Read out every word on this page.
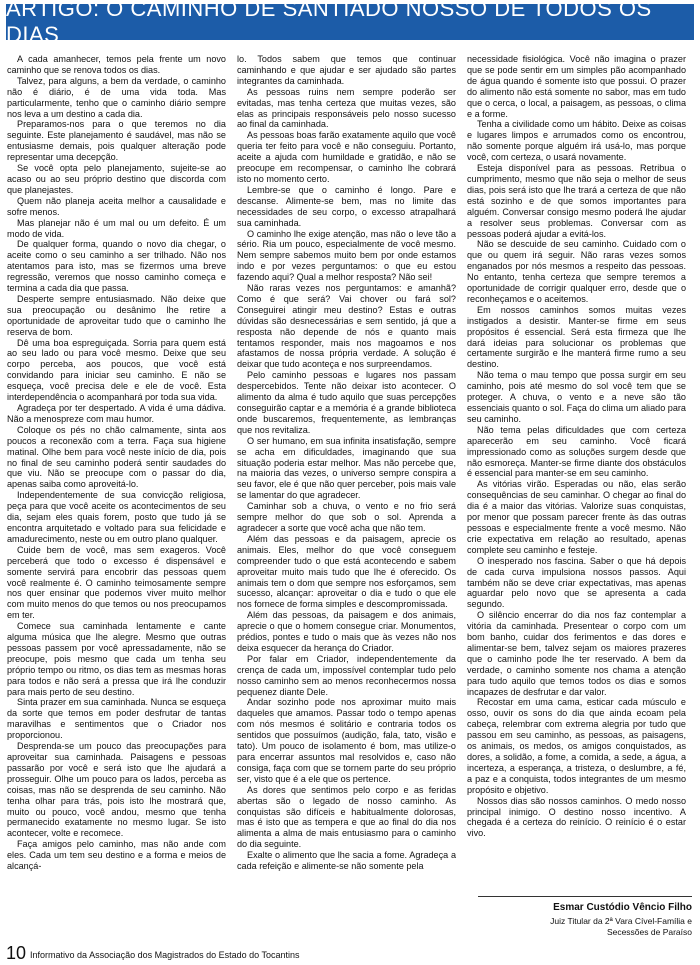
ARTIGO: O CAMINHO DE SANTIADO NOSSO DE TODOS OS DIAS

A cada amanhecer, temos pela frente um novo caminho que se renova todos os dias.

Talvez, para alguns, a bem da verdade, o caminho não é diário, é de uma vida toda. Mas particularmente, tenho que o caminho diário sempre nos leva a um destino a cada dia.

Preparamos-nos para o que teremos no dia seguinte. Este planejamento é saudável, mas não se entusiasme demais, pois qualquer alteração pode representar uma decepção.

Se você opta pelo planejamento, sujeite-se ao acaso ou ao seu próprio destino que discorda com que planejastes.

Quem não planeja aceita melhor a causalidade e sofre menos.

Mas planejar não é um mal ou um defeito. É um modo de vida.

De qualquer forma, quando o novo dia chegar, o aceite como o seu caminho a ser trilhado. Não nos atentamos para isto, mas se fizermos uma breve regressão, veremos que nosso caminho começa e termina a cada dia que passa.

Desperte sempre entusiasmado. Não deixe que sua preocupação ou desânimo lhe retire a oportunidade de aproveitar tudo que o caminho lhe reserva de bom.

Dê uma boa espreguiçada. Sorria para quem está ao seu lado ou para você mesmo. Deixe que seu corpo perceba, aos poucos, que você está convidando para iniciar seu caminho. E não se esqueça, você precisa dele e ele de você. Esta interdependência o acompanhará por toda sua vida.

Agradeça por ter despertado. A vida é uma dádiva. Não a menospreze com mau humor.

Coloque os pés no chão calmamente, sinta aos poucos a reconexão com a terra. Faça sua higiene matinal. Olhe bem para você neste início de dia, pois no final de seu caminho poderá sentir saudades do que viu. Não se preocupe com o passar do dia, apenas saiba como aproveitá-lo.

Independentemente de sua convicção religiosa, peça para que você aceite os acontecimentos de seu dia, sejam eles quais forem, posto que tudo já se encontra arquitetado e voltado para sua felicidade e amadurecimento, neste ou em outro plano qualquer.

Cuide bem de você, mas sem exageros. Você perceberá que todo o excesso é dispensável e somente servirá para encobrir das pessoas quem você realmente é. O caminho teimosamente sempre nos quer ensinar que podemos viver muito melhor com muito menos do que temos ou nos preocupamos em ter.

Comece sua caminhada lentamente e cante alguma música que lhe alegre. Mesmo que outras pessoas passem por você apressadamente, não se preocupe, pois mesmo que cada um tenha seu próprio tempo ou ritmo, os dias tem as mesmas horas para todos e não será a pressa que irá lhe conduzir para mais perto de seu destino.

Sinta prazer em sua caminhada. Nunca se esqueça da sorte que temos em poder desfrutar de tantas maravilhas e sentimentos que o Criador nos proporcionou.

Desprenda-se um pouco das preocupações para aproveitar sua caminhada. Paisagens e pessoas passarão por você e será isto que lhe ajudará a prosseguir. Olhe um pouco para os lados, perceba as coisas, mas não se desprenda de seu caminho. Não tenha olhar para trás, pois isto lhe mostrará que, muito ou pouco, você andou, mesmo que tenha permanecido exatamente no mesmo lugar. Se isto acontecer, volte e recomece.

Faça amigos pelo caminho, mas não ande com eles. Cada um tem seu destino e a forma e meios de alcançá-

lo. Todos sabem que temos que continuar caminhando e que ajudar e ser ajudado são partes integrantes da caminhada.

As pessoas ruins nem sempre poderão ser evitadas, mas tenha certeza que muitas vezes, são elas as principais responsáveis pelo nosso sucesso ao final da caminhada.

As pessoas boas farão exatamente aquilo que você queria ter feito para você e não conseguiu. Portanto, aceite a ajuda com humildade e gratidão, e não se preocupe em recompensar, o caminho lhe cobrará isto no momento certo.

Lembre-se que o caminho é longo. Pare e descanse. Alimente-se bem, mas no limite das necessidades de seu corpo, o excesso atrapalhará sua caminhada.

O caminho lhe exige atenção, mas não o leve tão a sério. Ria um pouco, especialmente de você mesmo. Nem sempre sabemos muito bem por onde estamos indo e por vezes perguntamos: o que eu estou fazendo aqui? Qual a melhor resposta? Não sei!

Não raras vezes nos perguntamos: e amanhã? Como é que será? Vai chover ou fará sol? Conseguirei atingir meu destino? Estas e outras dúvidas são desnecessárias e sem sentido, já que a resposta não depende de nós e quanto mais tentamos responder, mais nos magoamos e nos afastamos de nossa própria verdade. A solução é deixar que tudo aconteça e nos surpreendamos.

Pelo caminho pessoas e lugares nos passam despercebidos. Tente não deixar isto acontecer. O alimento da alma é tudo aquilo que suas percepções conseguirão captar e a memória é a grande biblioteca onde buscaremos, frequentemente, as lembranças que nos revitaliza.

O ser humano, em sua infinita insatisfação, sempre se acha em dificuldades, imaginando que sua situação poderia estar melhor. Mas não percebe que, na maioria das vezes, o universo sempre conspira a seu favor, ele é que não quer perceber, pois mais vale se lamentar do que agradecer.

Caminhar sob a chuva, o vento e no frio será sempre melhor do que sob o sol. Aprenda a agradecer a sorte que você acha que não tem.

Além das pessoas e da paisagem, aprecie os animais. Eles, melhor do que você conseguem compreender tudo o que está acontecendo e sabem aproveitar muito mais tudo que lhe é oferecido. Os animais tem o dom que sempre nos esforçamos, sem sucesso, alcançar: aproveitar o dia e tudo o que ele nos fornece de forma simples e descompromissada.

Além das pessoas, da paisagem e dos animais, aprecie o que o homem consegue criar. Monumentos, prédios, pontes e tudo o mais que às vezes não nos deixa esquecer da herança do Criador.

Por falar em Criador, independentemente da crença de cada um, impossível contemplar tudo pelo nosso caminho sem ao menos reconhecermos nossa pequenez diante Dele.

Andar sozinho pode nos aproximar muito mais daqueles que amamos. Passar todo o tempo apenas com nós mesmos é solitário e contraria todos os sentidos que possuímos (audição, fala, tato, visão e tato). Um pouco de isolamento é bom, mas utilize-o para encerrar assuntos mal resolvidos e, caso não consiga, faça com que se tornem parte do seu próprio ser, visto que é a ele que os pertence.

As dores que sentimos pelo corpo e as feridas abertas são o legado de nosso caminho. As conquistas são difíceis e habitualmente dolorosas, mas é isto que as tempera e que ao final do dia nos alimenta a alma de mais entusiasmo para o caminho do dia seguinte.

Exalte o alimento que lhe sacia a fome. Agradeça a cada refeição e alimente-se não somente pela

necessidade fisiológica. Você não imagina o prazer que se pode sentir em um simples pão acompanhado de água quando é somente isto que possui. O prazer do alimento não está somente no sabor, mas em tudo que o cerca, o local, a paisagem, as pessoas, o clima e a forme.

Tenha a civilidade como um hábito. Deixe as coisas e lugares limpos e arrumados como os encontrou, não somente porque alguém irá usá-lo, mas porque você, com certeza, o usará novamente.

Esteja disponível para as pessoas. Retribua o cumprimento, mesmo que não seja o melhor de seus dias, pois será isto que lhe trará a certeza de que não está sozinho e de que somos importantes para alguém. Conversar consigo mesmo poderá lhe ajudar a resolver seus problemas. Conversar com as pessoas poderá ajudar a evitá-los.

Não se descuide de seu caminho. Cuidado com o que ou quem irá seguir. Não raras vezes somos enganados por nós mesmos a respeito das pessoas. No entanto, tenha certeza que sempre teremos a oportunidade de corrigir qualquer erro, desde que o reconheçamos e o aceitemos.

Em nossos caminhos somos muitas vezes instigados a desistir. Manter-se firme em seus propósitos é essencial. Será esta firmeza que lhe dará ideias para solucionar os problemas que certamente surgirão e lhe manterá firme rumo a seu destino.

Não tema o mau tempo que possa surgir em seu caminho, pois até mesmo do sol você tem que se proteger. A chuva, o vento e a neve são tão essenciais quanto o sol. Faça do clima um aliado para seu caminho.

Não tema pelas dificuldades que com certeza aparecerão em seu caminho. Você ficará impressionado como as soluções surgem desde que não esmoreça. Manter-se firme diante dos obstáculos é essencial para manter-se em seu caminho.

As vitórias virão. Esperadas ou não, elas serão consequências de seu caminhar. O chegar ao final do dia é a maior das vitórias. Valorize suas conquistas, por menor que possam parecer frente às das outras pessoas e especialmente frente a você mesmo. Não crie expectativa em relação ao resultado, apenas complete seu caminho e festeje.

O inesperado nos fascina. Saber o que há depois de cada curva impulsiona nossos passos. Aqui também não se deve criar expectativas, mas apenas aguardar pelo novo que se apresenta a cada segundo.

O silêncio encerrar do dia nos faz contemplar a vitória da caminhada. Presentear o corpo com um bom banho, cuidar dos ferimentos e das dores e alimentar-se bem, talvez sejam os maiores prazeres que o caminho pode lhe ter reservado. A bem da verdade, o caminho somente nos chama a atenção para tudo aquilo que temos todos os dias e somos incapazes de desfrutar e dar valor.

Recostar em uma cama, esticar cada músculo e osso, ouvir os sons do dia que ainda ecoam pela cabeça, relembrar com extrema alegria por tudo que passou em seu caminho, as pessoas, as paisagens, os animais, os medos, os amigos conquistados, as dores, a solidão, a fome, a comida, a sede, a água, a incerteza, a esperança, a tristeza, o deslumbre, a fé, a paz e a conquista, todos integrantes de um mesmo propósito e objetivo.

Nossos dias são nossos caminhos. O medo nosso principal inimigo. O destino nosso incentivo. A chegada é a certeza do reinício. O reinício é o estar vivo.

Esmar Custódio Vêncio Filho
Juiz Titular da 2ª Vara Cível-Família e
Secessões de Paraíso
10 Informativo da Associação dos Magistrados do Estado do Tocantins
